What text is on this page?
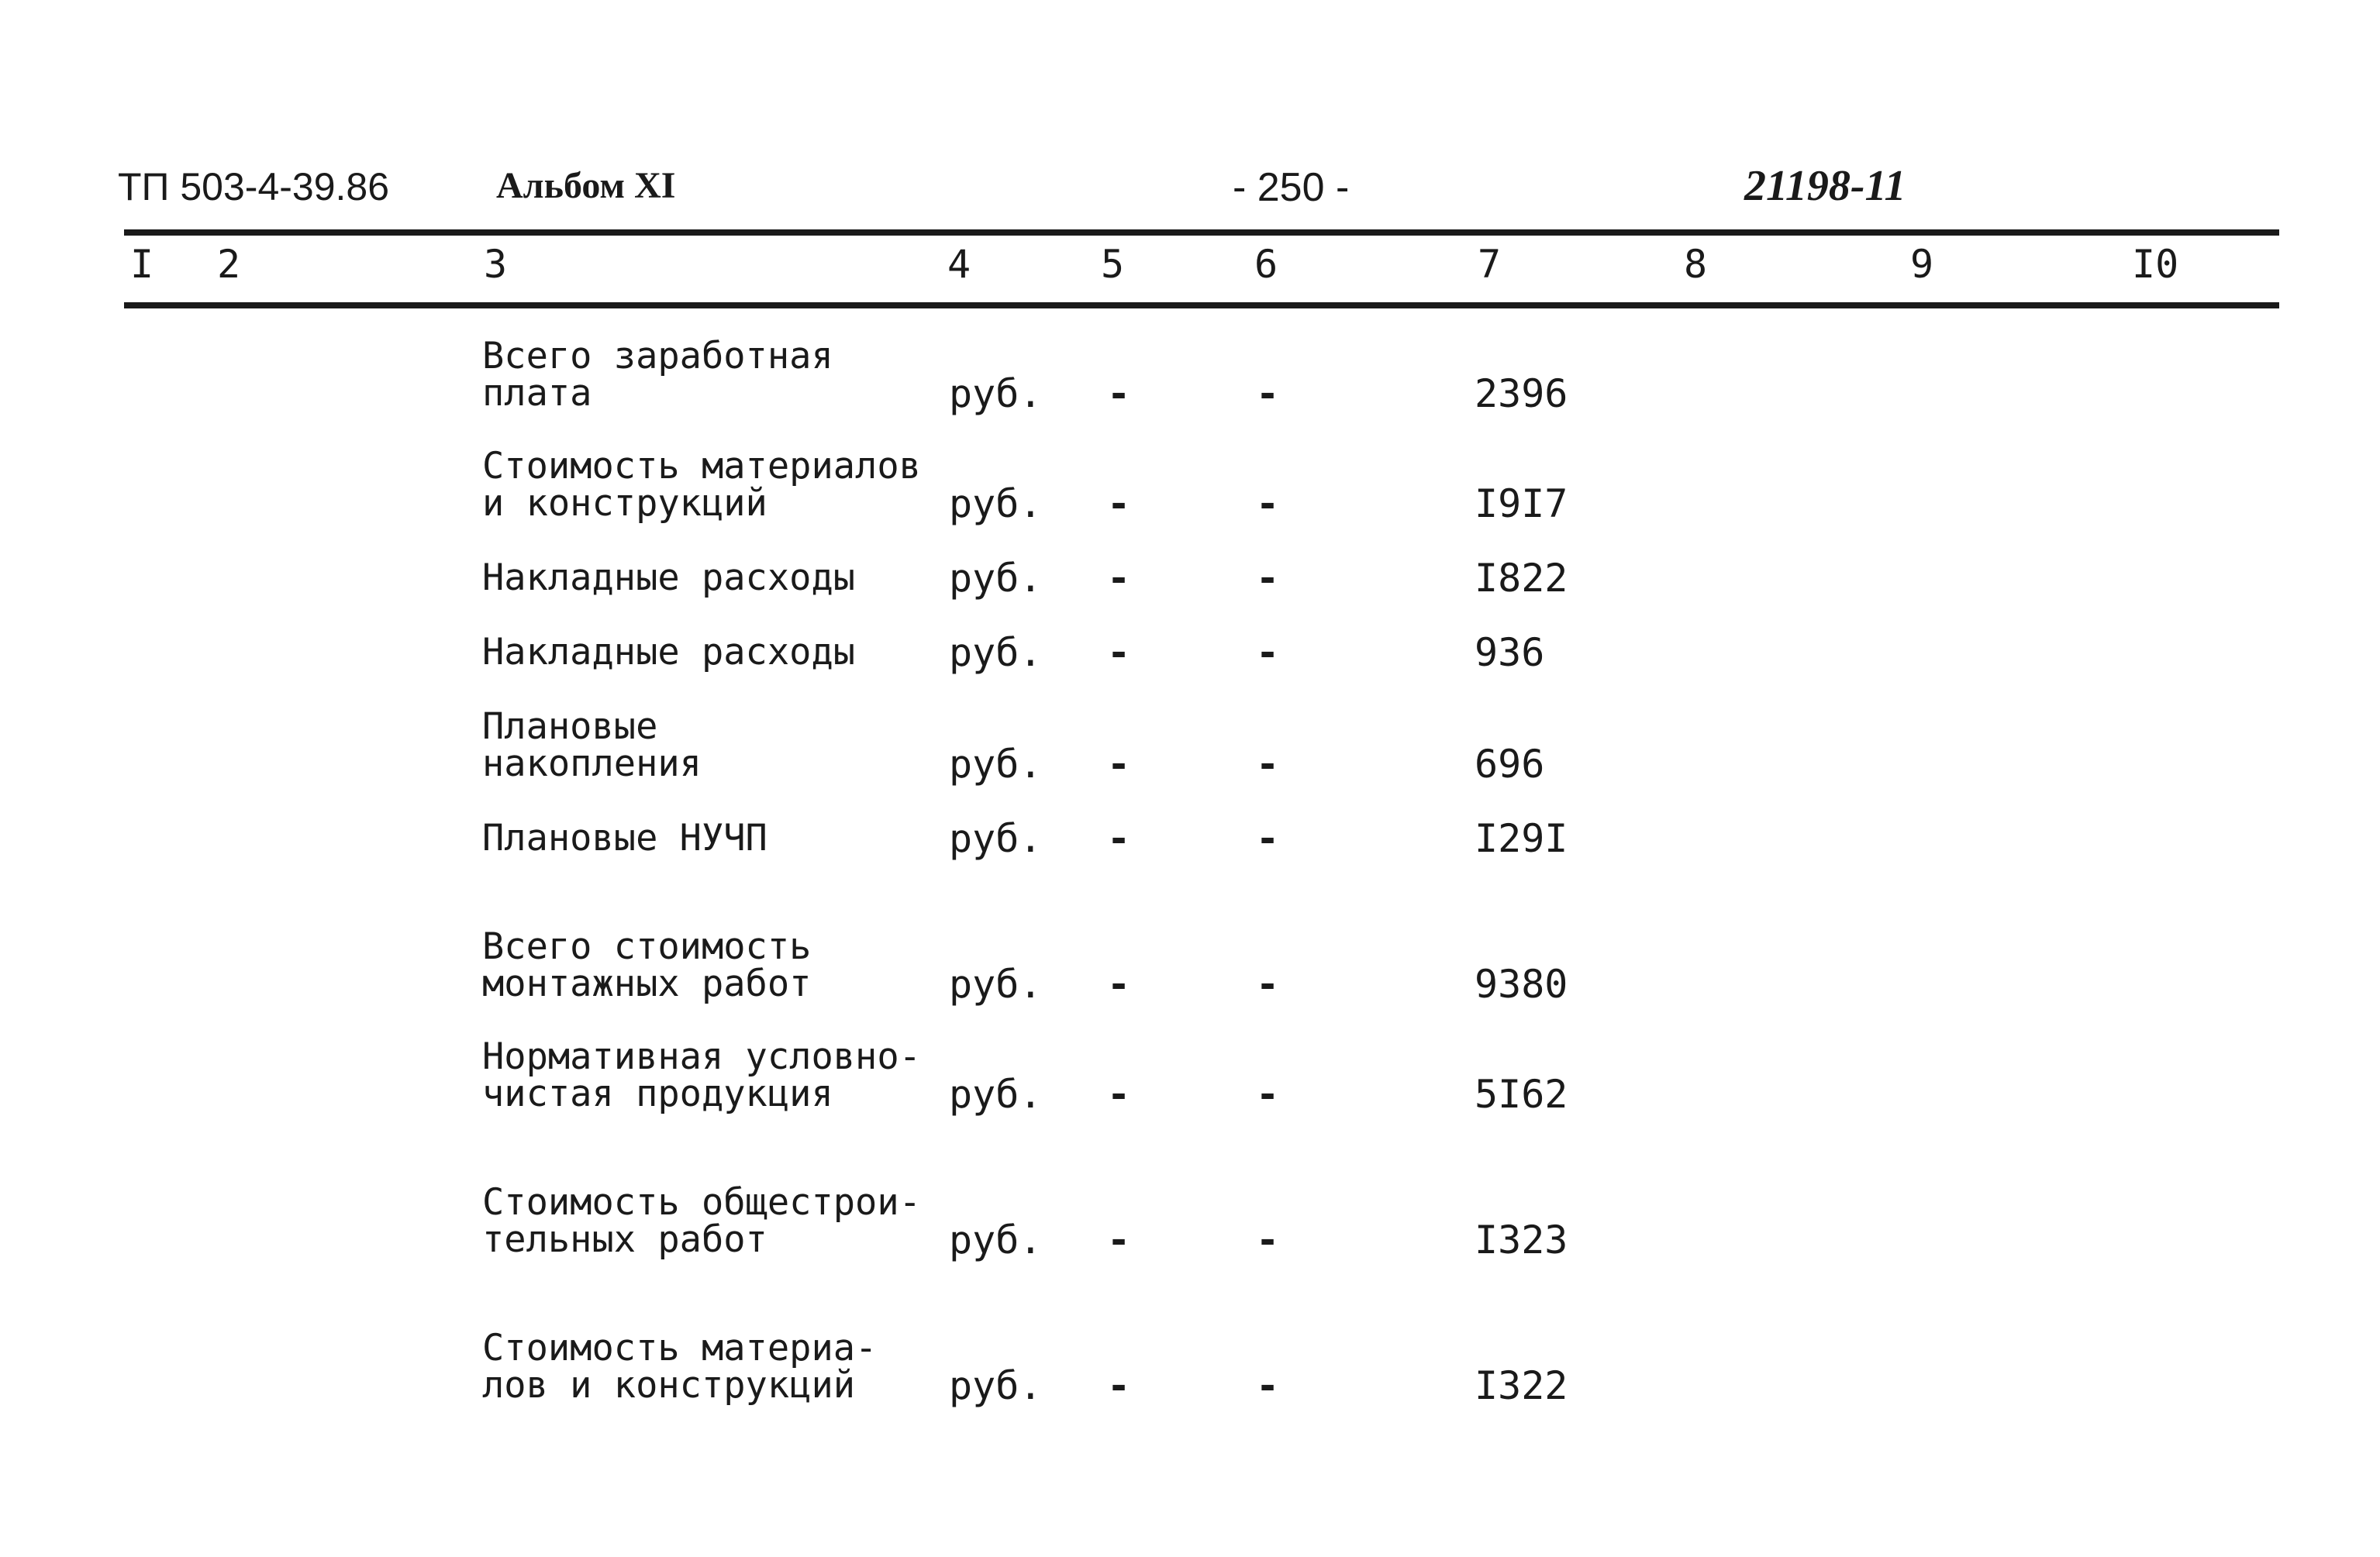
ТП 503-4-39.86	Альбом XI	- 250 -	21198-11
I 2	3	4	5	6	7	8	9	I0
Всего заработная
плата	руб. -	-	2396
Стоимость материалов
и конструкций	руб. -	-	I9I7
Накладные расходы	руб. -	-	I822
Накладные расходы	руб. -	-	936
Плановые
накопления	руб. -	-	696
Плановые НУЧП	руб. -	-	I29I
Всего стоимость
монтажных работ	руб. -	-	9380
Нормативная условно-
чистая продукция	руб. -	-	5I62
Стоимость общестрои-
тельных работ	руб. -	-	I323
Стоимость материа-
лов и конструкций	руб. -	-	I322
